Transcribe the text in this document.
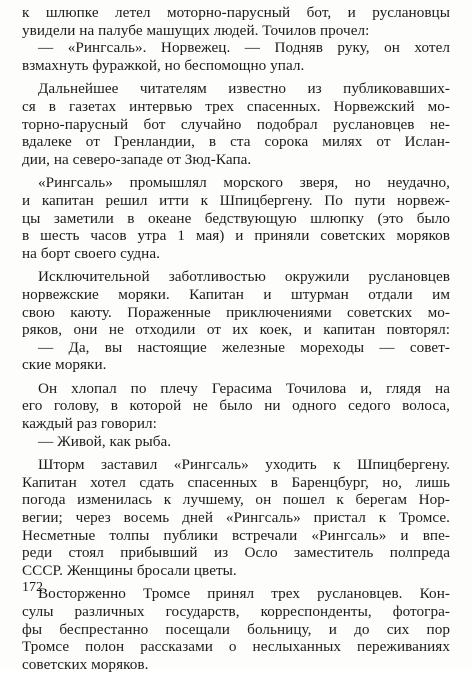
к шлюпке летел моторно-парусный бот, и руслановцы
увидели на палубе машущих людей. Точилов прочел:

— «Рингсаль». Норвежец. — Подняв руку, он хотел
взмахнуть фуражкой, но беспомощно упал.

Дальнейшее читателям известно из публиковавших-
ся в газетах интервью трех спасенных. Норвежский мо-
торно-парусный бот случайно подобрал руслановцев не-
вдалеке от Гренландии, в ста сорока милях от Ислан-
дии, на северо-западе от Зюд-Капа.

«Рингсаль» промышлял морского зверя, но неудачно,
и капитан решил итти к Шпицбергену. По пути норвеж-
цы заметили в океане бедствующую шлюпку (это было
в шесть часов утра 1 мая) и приняли советских моряков
на борт своего судна.

Исключительной заботливостью окружили руслановцев
норвежские моряки. Капитан и штурман отдали им
свою каюту. Пораженные приключениями советских мо-
ряков, они не отходили от их коек, и капитан повторял:

— Да, вы настоящие железные мореходы — совет-
ские моряки.

Он хлопал по плечу Герасима Точилова и, глядя на
его голову, в которой не было ни одного седого волоса,
каждый раз говорил:

— Живой, как рыба.

Шторм заставил «Рингсаль» уходить к Шпицбергену.
Капитан хотел сдать спасенных в Баренцбург, но, лишь
погода изменилась к лучшему, он пошел к берегам Нор-
вегии; через восемь дней «Рингсаль» пристал к Тромсе.
Несметные толпы публики встречали «Рингсаль» и впе-
реди стоял прибывший из Осло заместитель полпреда
СССР. Женщины бросали цветы.

Восторженно Тромсе принял трех руслановцев. Кон-
сулы различных государств, корреспонденты, фотогра-
фы беспрестанно посещали больницу, и до сих пор
Тромсе полон рассказами о неслыханных переживаниях
советских моряков.

172
